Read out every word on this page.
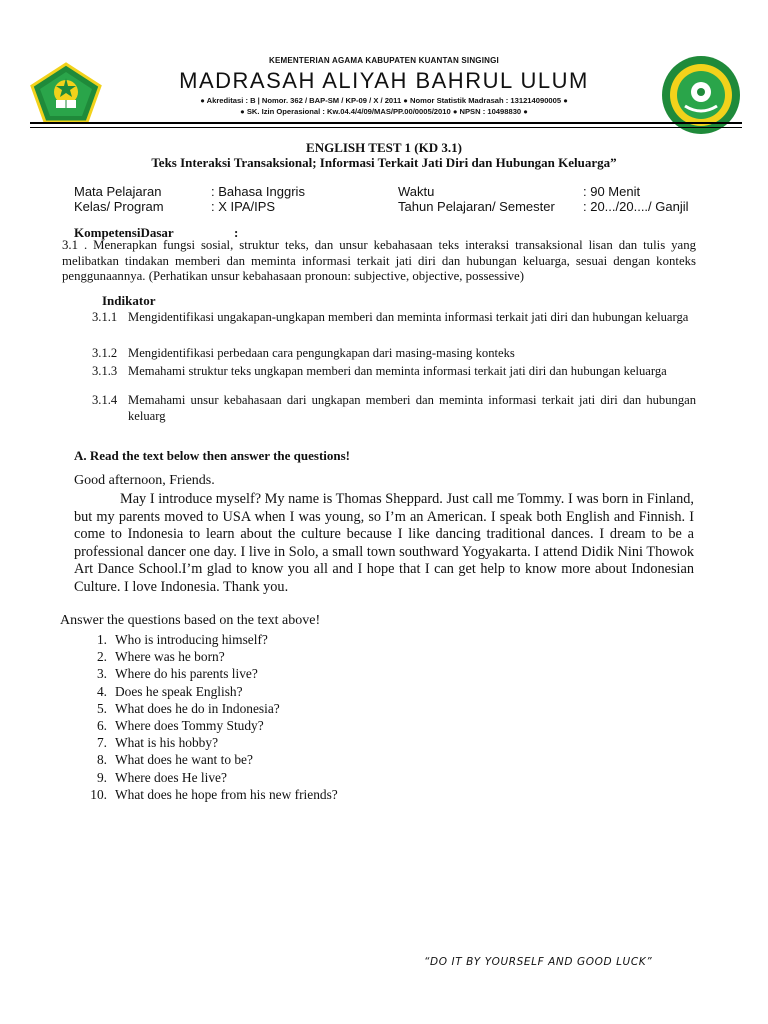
KEMENTERIAN AGAMA KABUPATEN KUANTAN SINGINGI
MADRASAH ALIYAH BAHRUL ULUM
● Akreditasi : B | Nomor. 362 / BAP-SM / KP-09 / X / 2011 ● Nomor Statistik Madrasah : 131214090005 ●
● SK. Izin Operasional : Kw.04.4/4/09/MAS/PP.00/0005/2010 ● NPSN : 10498830 ●
ENGLISH TEST 1 (KD 3.1)
Teks Interaksi Transaksional; Informasi Terkait Jati Diri dan Hubungan Keluarga”
Mata Pelajaran	: Bahasa Inggris	Waktu	: 90 Menit
Kelas/ Program	: X IPA/IPS	Tahun Pelajaran/ Semester : 20.../20..../ Ganjil
KompetensiDasar	:
3.1 . Menerapkan fungsi sosial, struktur teks, dan unsur kebahasaan teks interaksi transaksional lisan dan tulis yang melibatkan tindakan memberi dan meminta informasi terkait jati diri dan hubungan keluarga, sesuai dengan konteks penggunaannya. (Perhatikan unsur kebahasaan pronoun: subjective, objective, possessive)
Indikator
3.1.1 Mengidentifikasi ungakapan-ungkapan memberi dan meminta informasi terkait jati diri dan hubungan keluarga
3.1.2 Mengidentifikasi perbedaan cara pengungkapan dari masing-masing konteks
3.1.3 Memahami struktur teks ungkapan memberi dan meminta informasi terkait jati diri dan hubungan keluarga
3.1.4 Memahami unsur kebahasaan dari ungkapan memberi dan meminta informasi terkait jati diri dan hubungan keluarg
A. Read the text below then answer the questions!
Good afternoon, Friends.
May I introduce myself? My name is Thomas Sheppard. Just call me Tommy. I was born in Finland, but my parents moved to USA when I was young, so I’m an American. I speak both English and Finnish. I come to Indonesia to learn about the culture because I like dancing traditional dances. I dream to be a professional dancer one day. I live in Solo, a small town southward Yogyakarta. I attend Didik Nini Thowok Art Dance School.I’m glad to know you all and I hope that I can get help to know more about Indonesian Culture. I love Indonesia. Thank you.
Answer the questions based on the text above!
1. Who is introducing himself?
2. Where was he born?
3. Where do his parents live?
4. Does he speak English?
5. What does he do in Indonesia?
6. Where does Tommy Study?
7. What is his hobby?
8. What does he want to be?
9. Where does He live?
10. What does he hope from his new friends?
“DO IT BY YOURSELF AND GOOD LUCK”
